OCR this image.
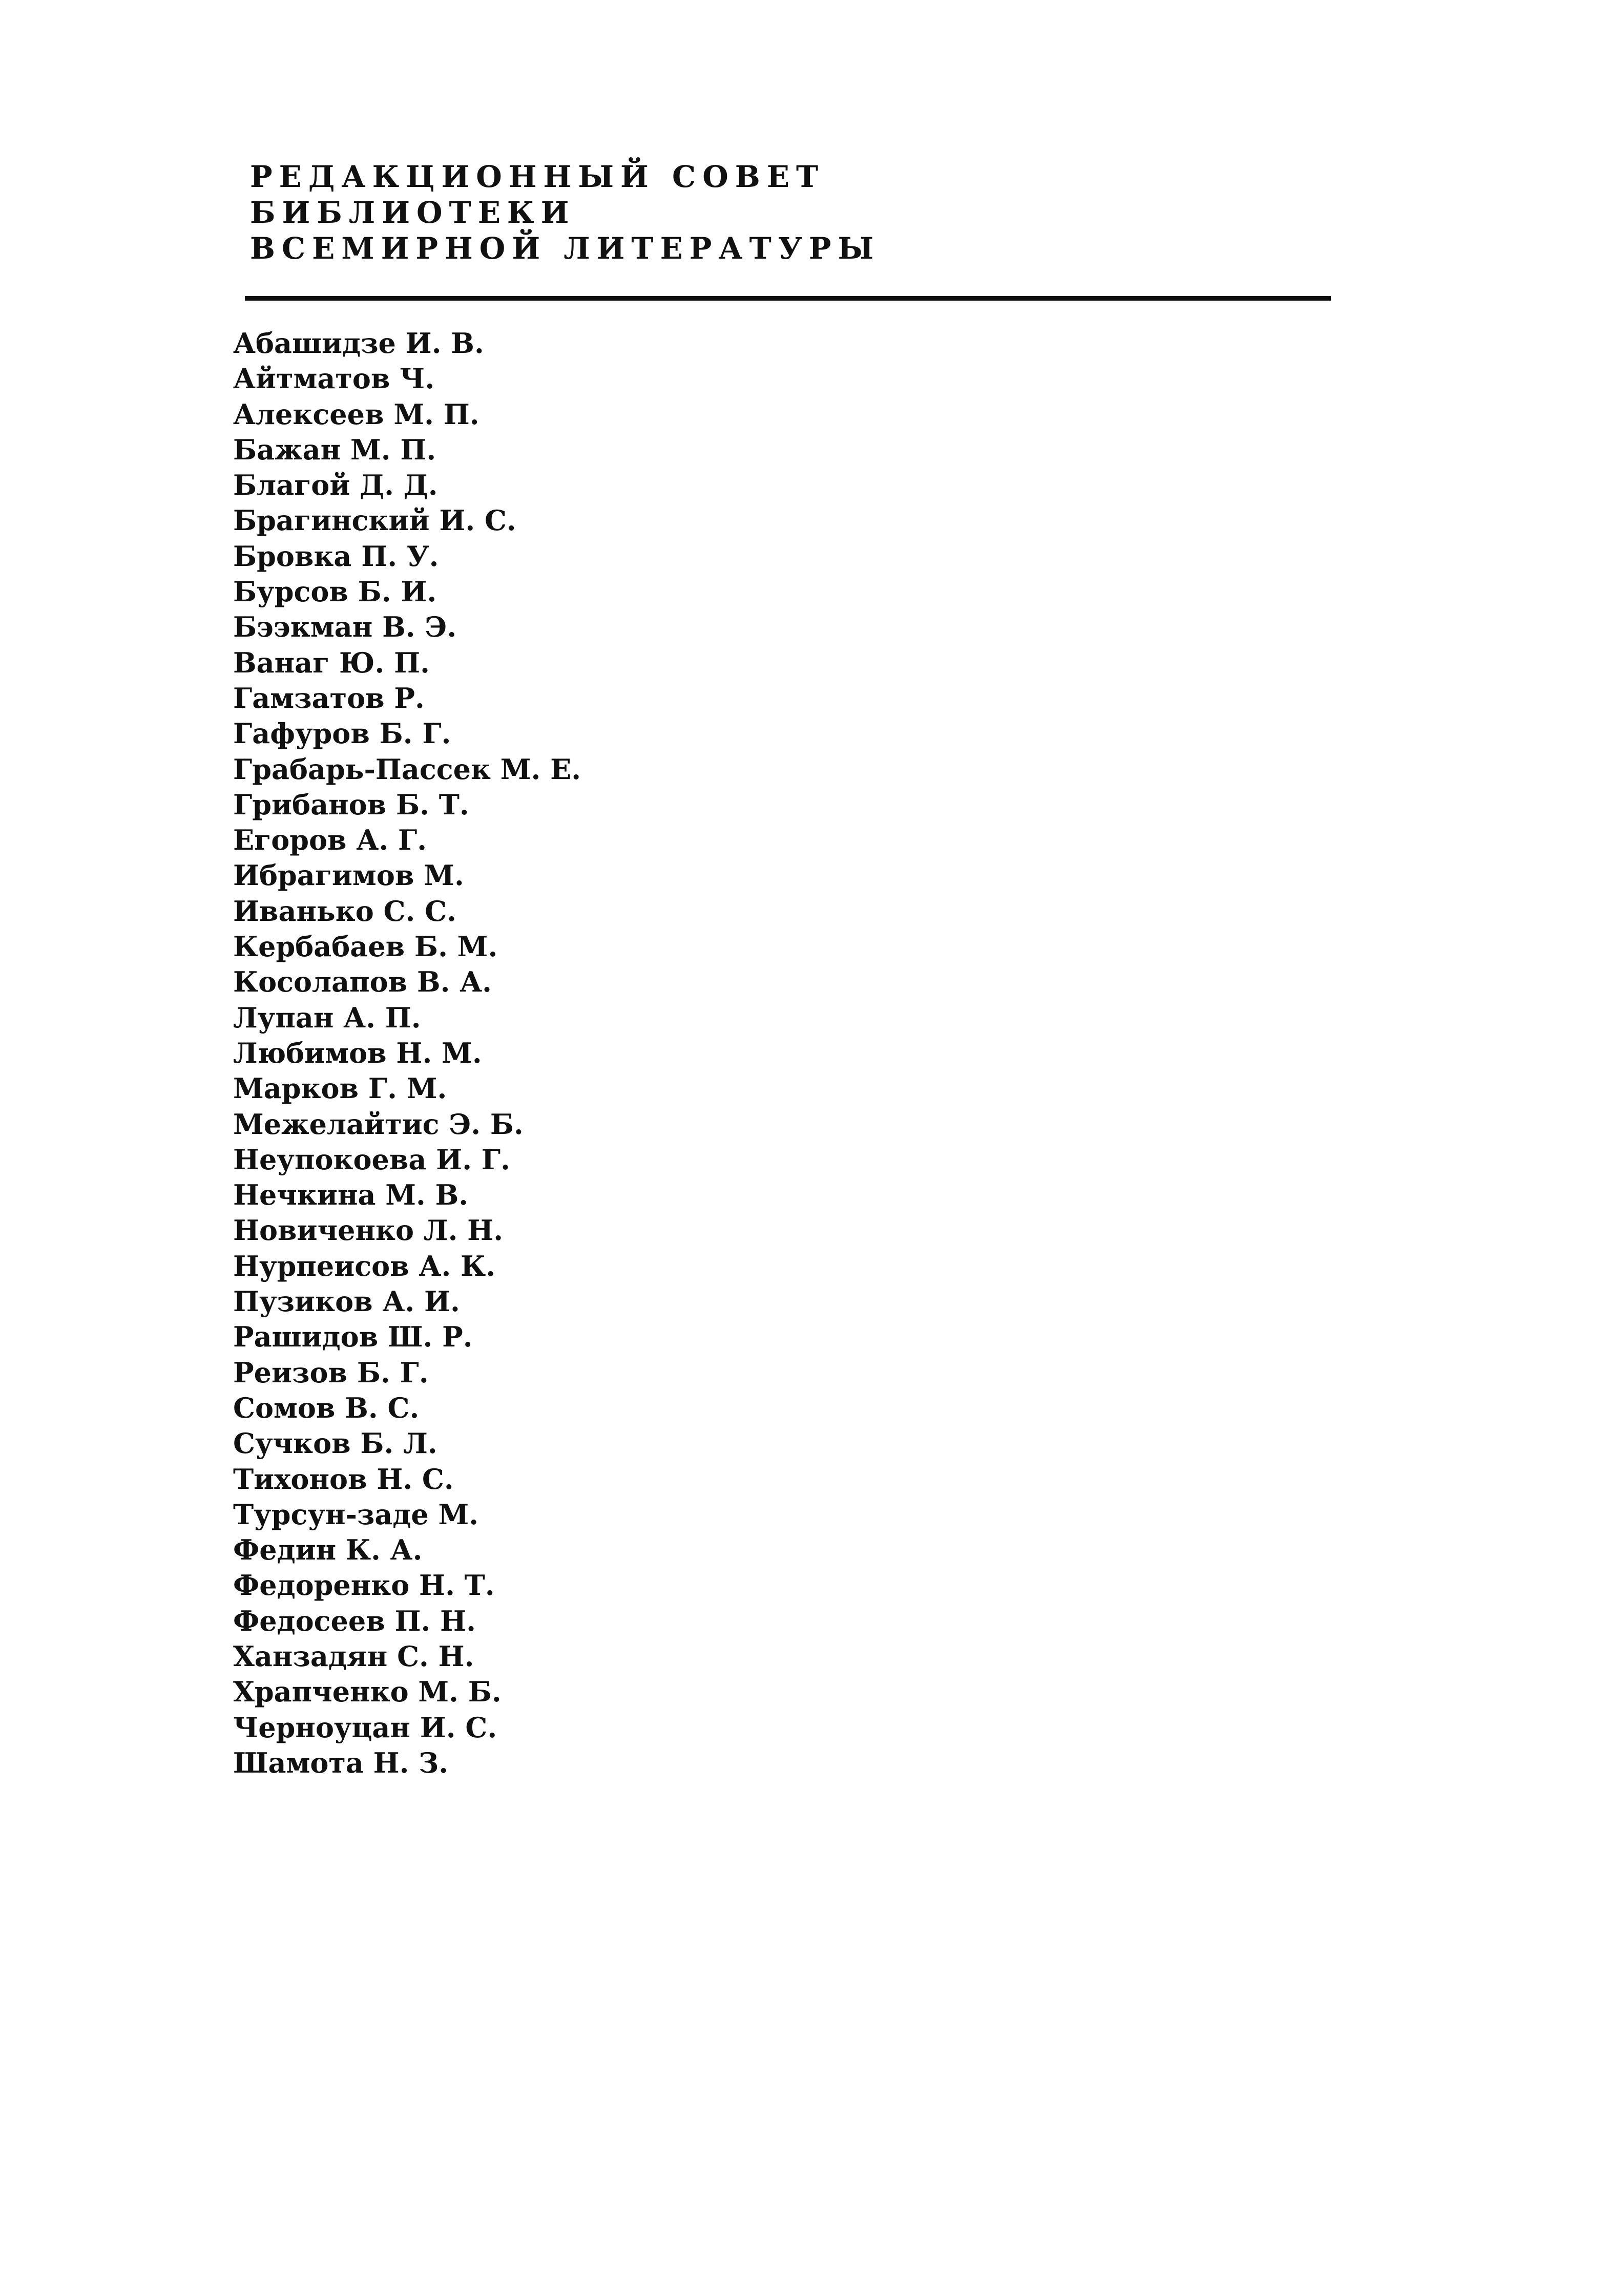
РЕДАКЦИОННЫЙ СОВЕТ
БИБЛИОТЕКИ
ВСЕМИРНОЙ ЛИТЕРАТУРЫ
Абашидзе И. В.
Айтматов Ч.
Алексеев М. П.
Бажан М. П.
Благой Д. Д.
Брагинский И. С.
Бровка П. У.
Бурсов Б. И.
Бээкман В. Э.
Ванаг Ю. П.
Гамзатов Р.
Гафуров Б. Г.
Грабарь-Пассек М. Е.
Грибанов Б. Т.
Егоров А. Г.
Ибрагимов М.
Иванько С. С.
Кербабаев Б. М.
Косолапов В. А.
Лупан А. П.
Любимов Н. М.
Марков Г. М.
Межелайтис Э. Б.
Неупокоева И. Г.
Нечкина М. В.
Новиченко Л. Н.
Нурпеисов А. К.
Пузиков А. И.
Рашидов Ш. Р.
Реизов Б. Г.
Сомов В. С.
Сучков Б. Л.
Тихонов Н. С.
Турсун-заде М.
Федин К. А.
Федоренко Н. Т.
Федосеев П. Н.
Ханзадян С. Н.
Храпченко М. Б.
Черноуцан И. С.
Шамота Н. З.
